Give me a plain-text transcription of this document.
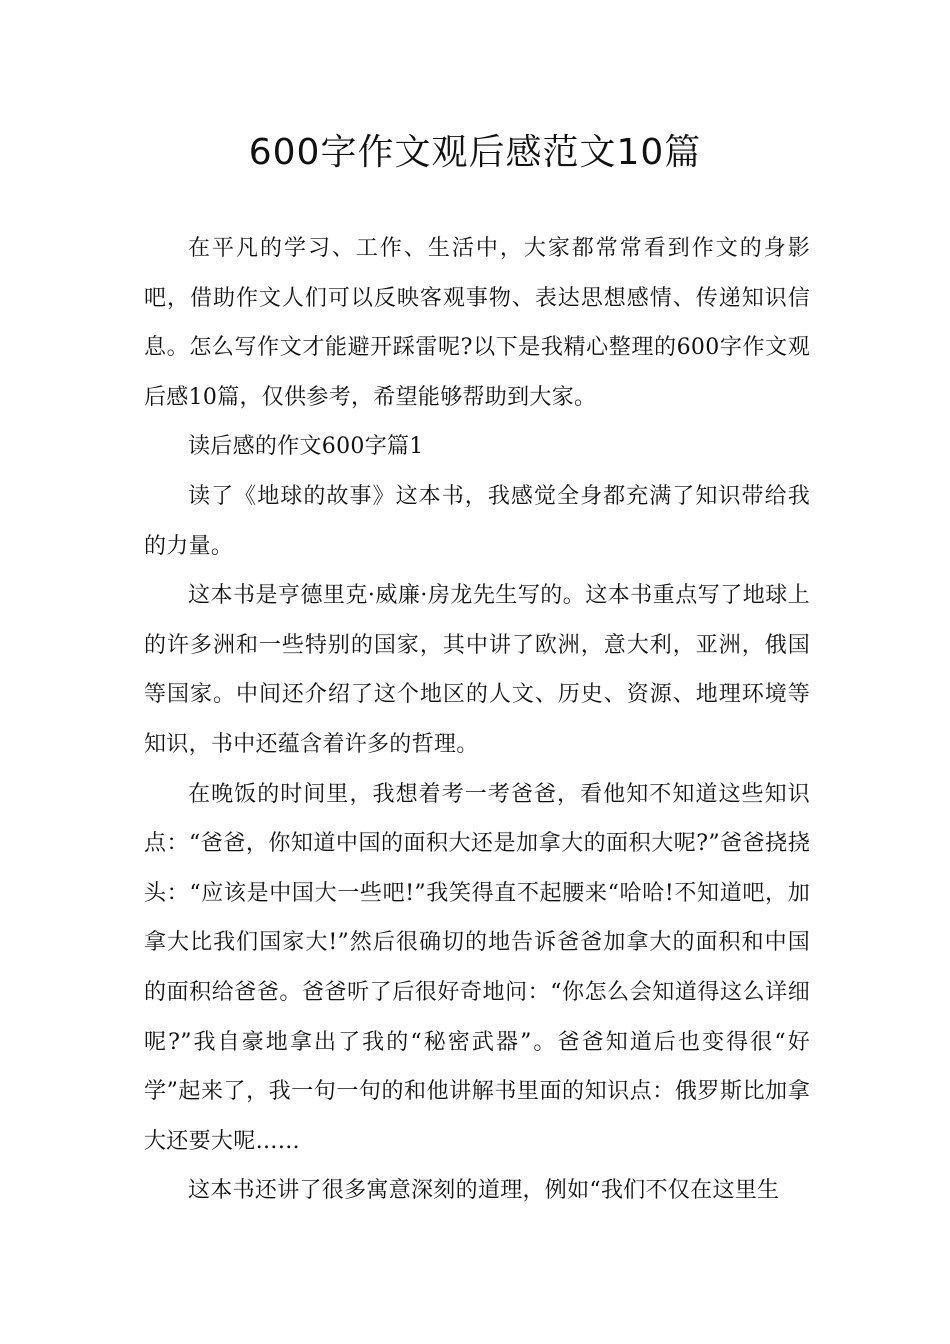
600字作文观后感范文10篇

在平凡的学习、工作、生活中，大家都常常看到作文的身影吧，借助作文人们可以反映客观事物、表达思想感情、传递知识信息。怎么写作文才能避开踩雷呢?以下是我精心整理的600字作文观后感10篇，仅供参考，希望能够帮助到大家。

读后感的作文600字篇1

读了《地球的故事》这本书，我感觉全身都充满了知识带给我的力量。

这本书是亨德里克·威廉·房龙先生写的。这本书重点写了地球上的许多洲和一些特别的国家，其中讲了欧洲，意大利，亚洲，俄国等国家。中间还介绍了这个地区的人文、历史、资源、地理环境等知识，书中还蕴含着许多的哲理。

在晚饭的时间里，我想着考一考爸爸，看他知不知道这些知识点：“爸爸，你知道中国的面积大还是加拿大的面积大呢?”爸爸挠挠头：“应该是中国大一些吧!”我笑得直不起腰来“哈哈!不知道吧，加拿大比我们国家大!”然后很确切的地告诉爸爸加拿大的面积和中国的面积给爸爸。爸爸听了后很好奇地问：“你怎么会知道得这么详细呢?”我自豪地拿出了我的“秘密武器”。爸爸知道后也变得很“好学”起来了，我一句一句的和他讲解书里面的知识点：俄罗斯比加拿大还要大呢……

这本书还讲了很多寓意深刻的道理，例如“我们不仅在这里生
